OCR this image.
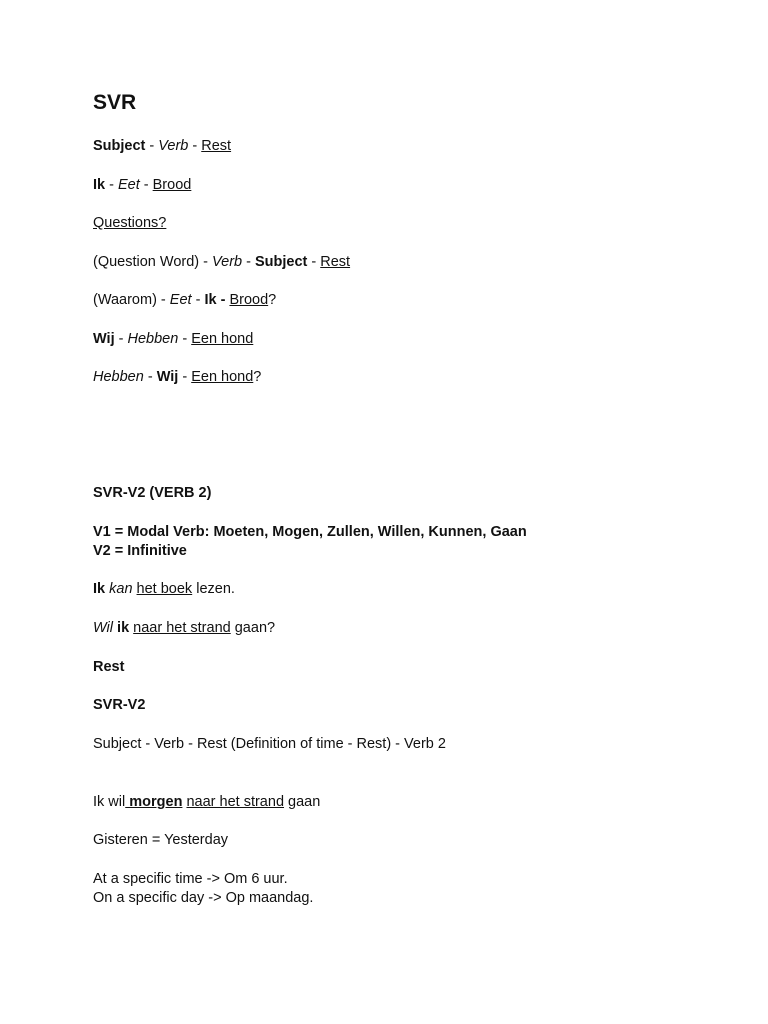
SVR
Subject - Verb - Rest
Ik - Eet - Brood
Questions?
(Question Word) - Verb - Subject - Rest
(Waarom) - Eet - Ik - Brood?
Wij - Hebben - Een hond
Hebben - Wij - Een hond?
SVR-V2 (VERB 2)
V1 = Modal Verb: Moeten, Mogen, Zullen, Willen, Kunnen, Gaan
V2 = Infinitive
Ik kan het boek lezen.
Wil ik naar het strand gaan?
Rest
SVR-V2
Subject - Verb - Rest (Definition of time - Rest) - Verb 2
Ik wil morgen naar het strand gaan
Gisteren = Yesterday
At a specific time -> Om 6 uur.
On a specific day -> Op maandag.
